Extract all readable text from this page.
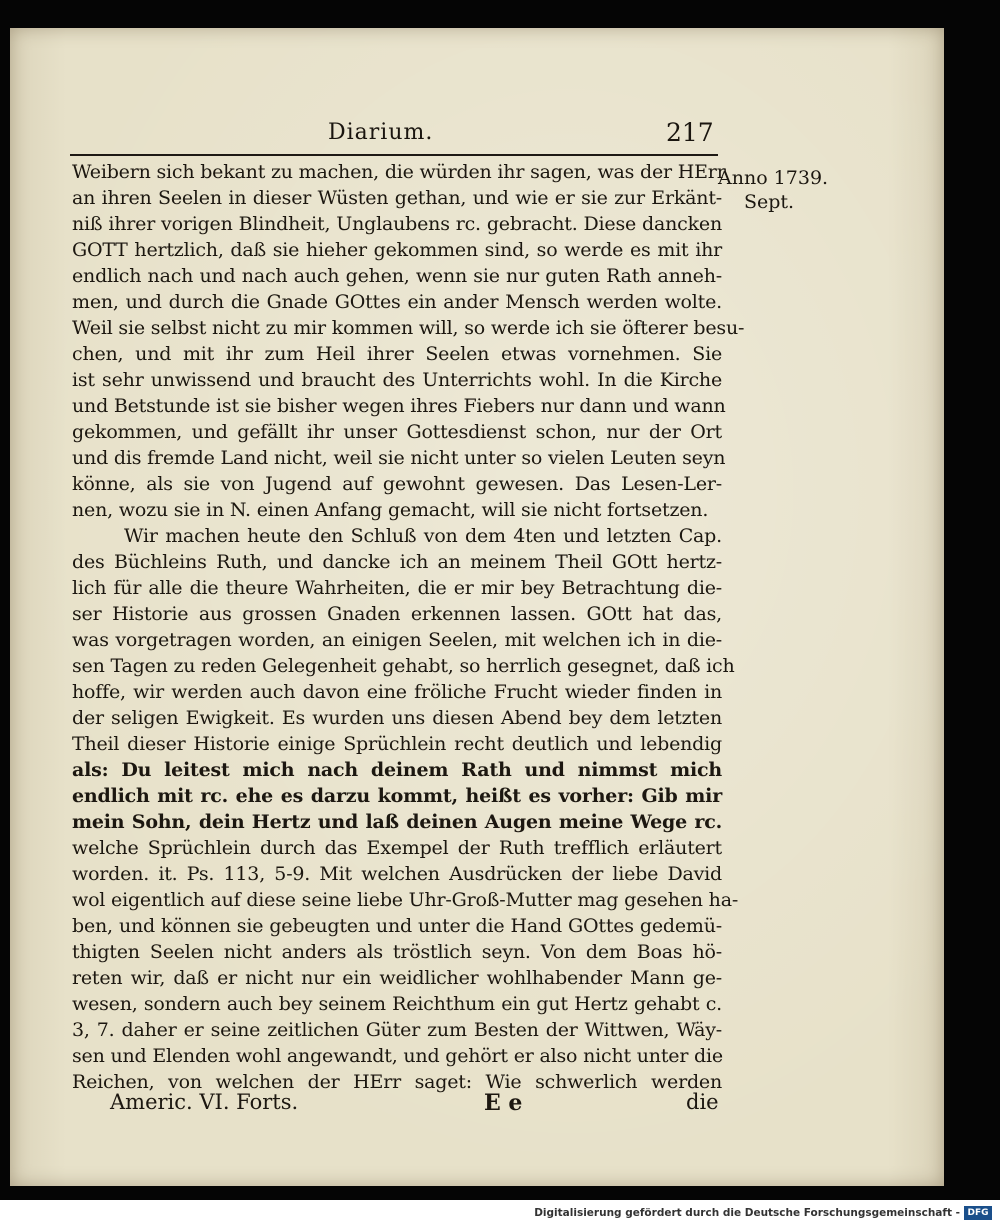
Diarium.	217
Anno 1739.
Sept.
Weibern sich bekant zu machen, die würden ihr sagen, was der HErr
an ihren Seelen in dieser Wüsten gethan, und wie er sie zur Erkänt-
niß ihrer vorigen Blindheit, Unglaubens rc. gebracht. Diese dancken
GOTT hertzlich, daß sie hieher gekommen sind, so werde es mit ihr
endlich nach und nach auch gehen, wenn sie nur guten Rath anneh-
men, und durch die Gnade GOttes ein ander Mensch werden wolte.
Weil sie selbst nicht zu mir kommen will, so werde ich sie öfterer besu-
chen, und mit ihr zum Heil ihrer Seelen etwas vornehmen. Sie
ist sehr unwissend und braucht des Unterrichts wohl. In die Kirche
und Betstunde ist sie bisher wegen ihres Fiebers nur dann und wann
gekommen, und gefällt ihr unser Gottesdienst schon, nur der Ort
und dis fremde Land nicht, weil sie nicht unter so vielen Leuten seyn
könne, als sie von Jugend auf gewohnt gewesen. Das Lesen-Ler-
nen, wozu sie in N. einen Anfang gemacht, will sie nicht fortsetzen.
Wir machen heute den Schluß von dem 4ten und letzten Cap.
des Büchleins Ruth, und dancke ich an meinem Theil GOtt hertz-
lich für alle die theure Wahrheiten, die er mir bey Betrachtung die-
ser Historie aus grossen Gnaden erkennen lassen. GOtt hat das,
was vorgetragen worden, an einigen Seelen, mit welchen ich in die-
sen Tagen zu reden Gelegenheit gehabt, so herrlich gesegnet, daß ich
hoffe, wir werden auch davon eine fröliche Frucht wieder finden in
der seligen Ewigkeit. Es wurden uns diesen Abend bey dem letzten
Theil dieser Historie einige Sprüchlein recht deutlich und lebendig
als: Du leitest mich nach deinem Rath und nimmst mich
endlich mit rc. ehe es darzu kommt, heißt es vorher: Gib mir
mein Sohn, dein Hertz und laß deinen Augen meine Wege rc.
welche Sprüchlein durch das Exempel der Ruth trefflich erläutert
worden. it. Ps. 113, 5-9. Mit welchen Ausdrücken der liebe David
wol eigentlich auf diese seine liebe Uhr-Groß-Mutter mag gesehen ha-
ben, und können sie gebeugten und unter die Hand GOttes gedemü-
thigten Seelen nicht anders als tröstlich seyn. Von dem Boas hö-
reten wir, daß er nicht nur ein weidlicher wohlhabender Mann ge-
wesen, sondern auch bey seinem Reichthum ein gut Hertz gehabt c.
3, 7. daher er seine zeitlichen Güter zum Besten der Wittwen, Wäy-
sen und Elenden wohl angewandt, und gehört er also nicht unter die
Reichen, von welchen der HErr saget: Wie schwerlich werden
Americ. VI. Forts.	E e	die
Digitalisierung gefördert durch die Deutsche Forschungsgemeinschaft - DFG
